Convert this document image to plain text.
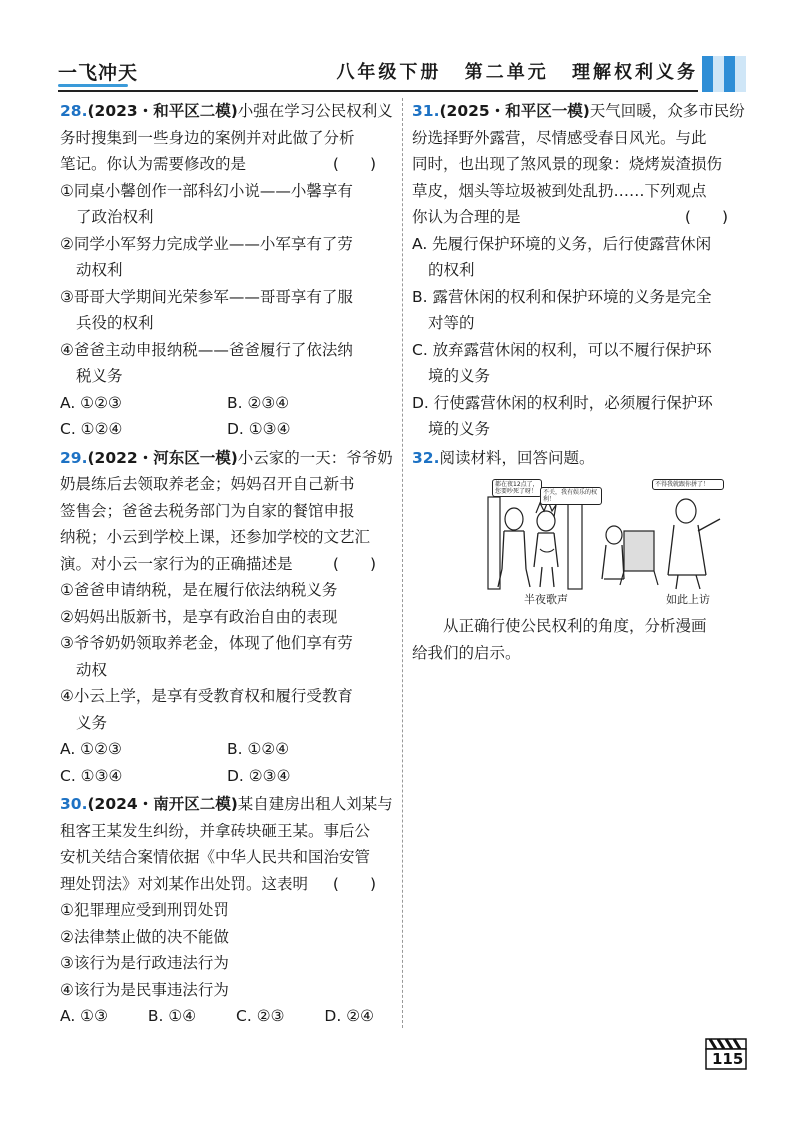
一飞冲天	八年级下册 第二单元 理解权利义务
28.(2023・和平区二模)小强在学习公民权利义
务时搜集到一些身边的案例并对此做了分析
笔记。你认为需要修改的是	(　　)
①同桌小馨创作一部科幻小说——小馨享有
了政治权利
②同学小军努力完成学业——小军享有了劳
动权利
③哥哥大学期间光荣参军——哥哥享有了服
兵役的权利
④爸爸主动申报纳税——爸爸履行了依法纳
税义务
A. ①②③	B. ②③④
C. ①②④	D. ①③④
29.(2022・河东区一模)小云家的一天：爷爷奶
奶晨练后去领取养老金；妈妈召开自己新书
签售会；爸爸去税务部门为自家的餐馆申报
纳税；小云到学校上课，还参加学校的文艺汇
演。对小云一家行为的正确描述是	(　　)
①爸爸申请纳税，是在履行依法纳税义务
②妈妈出版新书，是享有政治自由的表现
③爷爷奶奶领取养老金，体现了他们享有劳
动权
④小云上学，是享有受教育权和履行受教育
义务
A. ①②③	B. ①②④
C. ①③④	D. ②③④
30.(2024・南开区二模)某自建房出租人刘某与
租客王某发生纠纷，并拿砖块砸王某。事后公
安机关结合案情依据《中华人民共和国治安管
理处罚法》对刘某作出处罚。这表明 (　　)
①犯罪理应受到刑罚处罚
②法律禁止做的决不能做
③该行为是行政违法行为
④该行为是民事违法行为
A. ①③	B. ①④	C. ②③	D. ②④
31.(2025・和平区一模)天气回暖，众多市民纷
纷选择野外露营，尽情感受春日风光。与此
同时，也出现了煞风景的现象：烧烤炭渣损伤
草皮，烟头等垃圾被到处乱扔……下列观点
你认为合理的是	(　　)
A. 先履行保护环境的义务，后行使露营休闲
的权利
B. 露营休闲的权利和保护环境的义务是完全
对等的
C. 放弃露营休闲的权利，可以不履行保护环
境的义务
D. 行使露营休闲的权利时，必须履行保护环
境的义务
32.阅读材料，回答问题。
都在夜12点了，您要吵死了呀！ 不关，我有娱乐的权利！
不得我就跟你拼了！
半夜歌声	如此上访
从正确行使公民权利的角度，分析漫画
给我们的启示。
115
